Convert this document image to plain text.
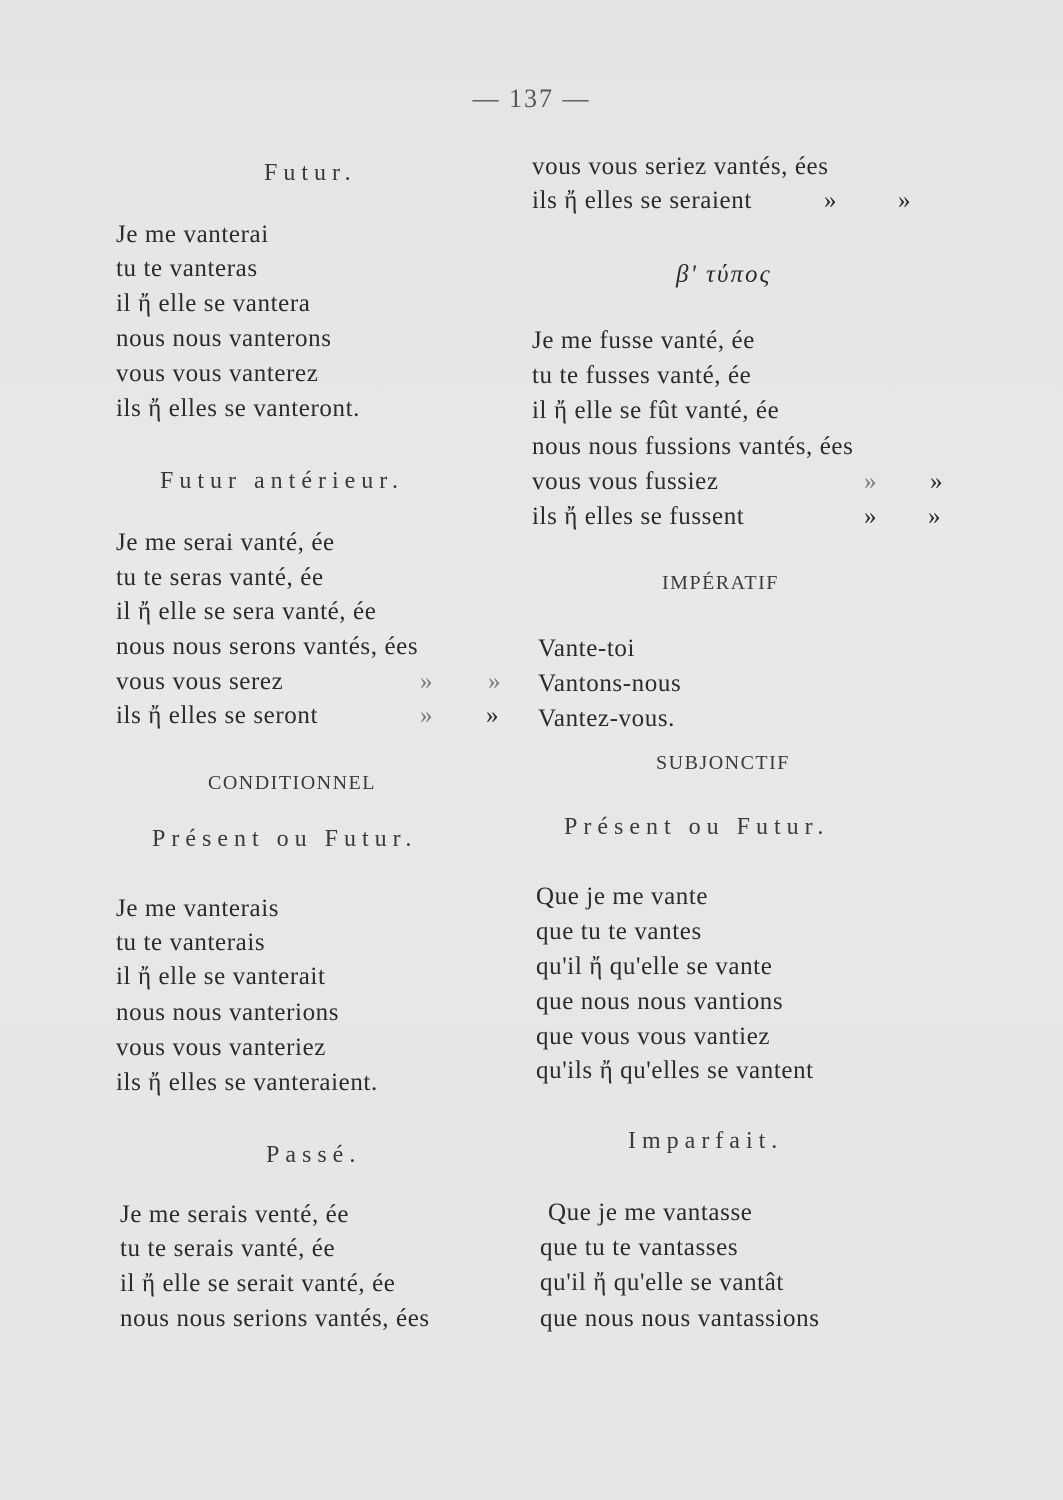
— 137 —
Futur.
Je me vanterai
tu te vanteras
il ἤ elle se vantera
nous nous vanterons
vous vous vanterez
ils ἤ elles se vanteront.
Futur antérieur.
Je me serai vanté, ée
tu te seras vanté, ée
il ἤ elle se sera vanté, ée
nous nous serons vantés, ées
vous vous serez	» »
ils ἤ elles se seront	» »
CONDITIONNEL
Présent ou Futur.
Je me vanterais
tu te vanterais
il ἤ elle se vanterait
nous nous vanterions
vous vous vanteriez
ils ἤ elles se vanteraient.
Passé.
Je me serais venté, ée
tu te serais vanté, ée
il ἤ elle se serait vanté, ée
nous nous serions vantés, ées
vous vous seriez vantés, ées
ils ἤ elles se seraient	» »
β' τύπος
Je me fusse vanté, ée
tu te fusses vanté, ée
il ἤ elle se fût vanté, ée
nous nous fussions vantés, ées
vous vous fussiez	» »
ils ἤ elles se fussent	» »
IMPÉRATIF
Vante-toi
Vantons-nous
Vantez-vous.
SUBJONCTIF
Présent ou Futur.
Que je me vante
que tu te vantes
qu'il ἤ qu'elle se vante
que nous nous vantions
que vous vous vantiez
qu'ils ἤ qu'elles se vantent
Imparfait.
Que je me vantasse
que tu te vantasses
qu'il ἤ qu'elle se vantât
que nous nous vantassions
